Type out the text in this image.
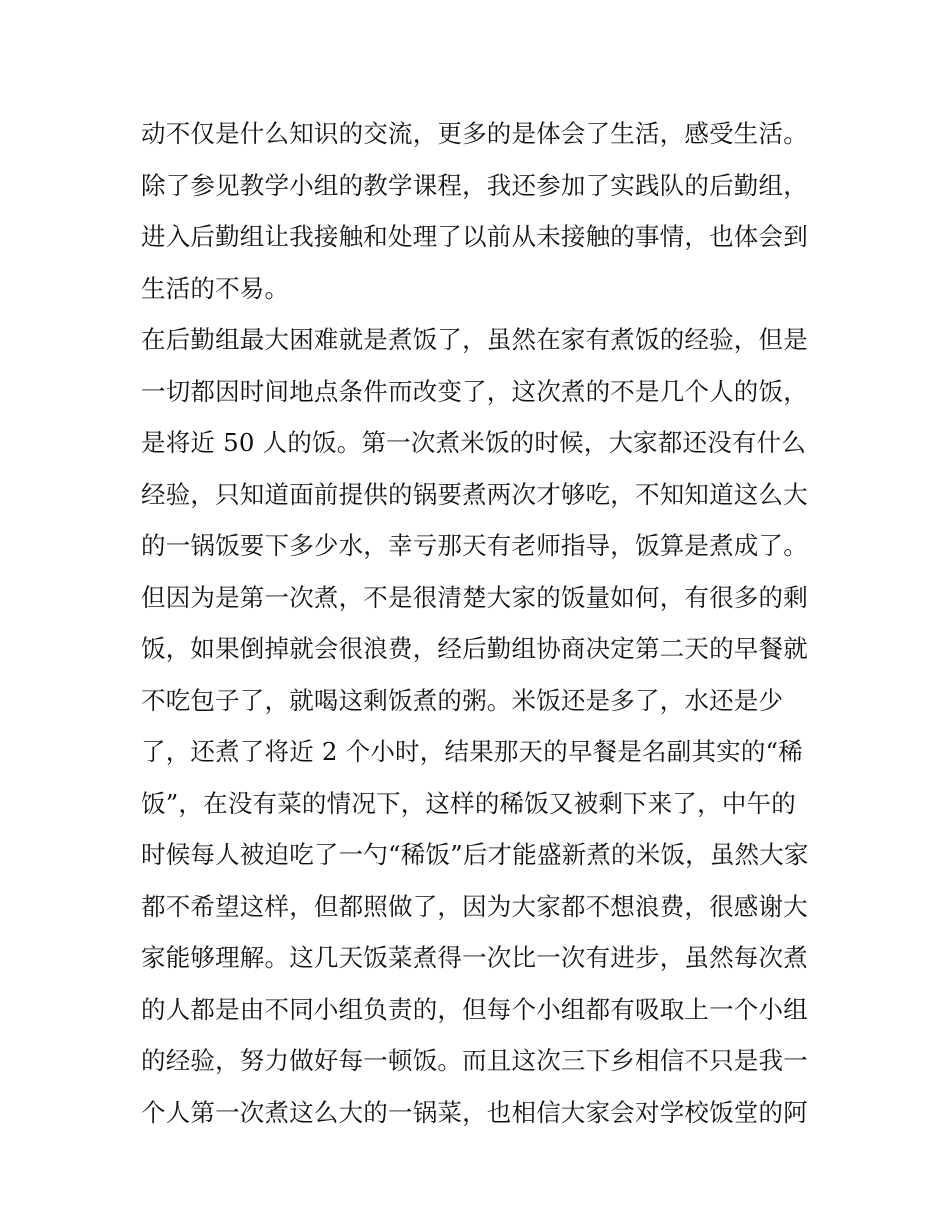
动不仅是什么知识的交流，更多的是体会了生活，感受生活。
除了参见教学小组的教学课程，我还参加了实践队的后勤组，
进入后勤组让我接触和处理了以前从未接触的事情，也体会到
生活的不易。
在后勤组最大困难就是煮饭了，虽然在家有煮饭的经验，但是
一切都因时间地点条件而改变了，这次煮的不是几个人的饭，
是将近 50 人的饭。第一次煮米饭的时候，大家都还没有什么
经验，只知道面前提供的锅要煮两次才够吃，不知知道这么大
的一锅饭要下多少水，幸亏那天有老师指导，饭算是煮成了。
但因为是第一次煮，不是很清楚大家的饭量如何，有很多的剩
饭，如果倒掉就会很浪费，经后勤组协商决定第二天的早餐就
不吃包子了，就喝这剩饭煮的粥。米饭还是多了，水还是少
了，还煮了将近 2 个小时，结果那天的早餐是名副其实的“稀
饭”，在没有菜的情况下，这样的稀饭又被剩下来了，中午的
时候每人被迫吃了一勺“稀饭”后才能盛新煮的米饭，虽然大家
都不希望这样，但都照做了，因为大家都不想浪费，很感谢大
家能够理解。这几天饭菜煮得一次比一次有进步，虽然每次煮
的人都是由不同小组负责的，但每个小组都有吸取上一个小组
的经验，努力做好每一顿饭。而且这次三下乡相信不只是我一
个人第一次煮这么大的一锅菜，也相信大家会对学校饭堂的阿
